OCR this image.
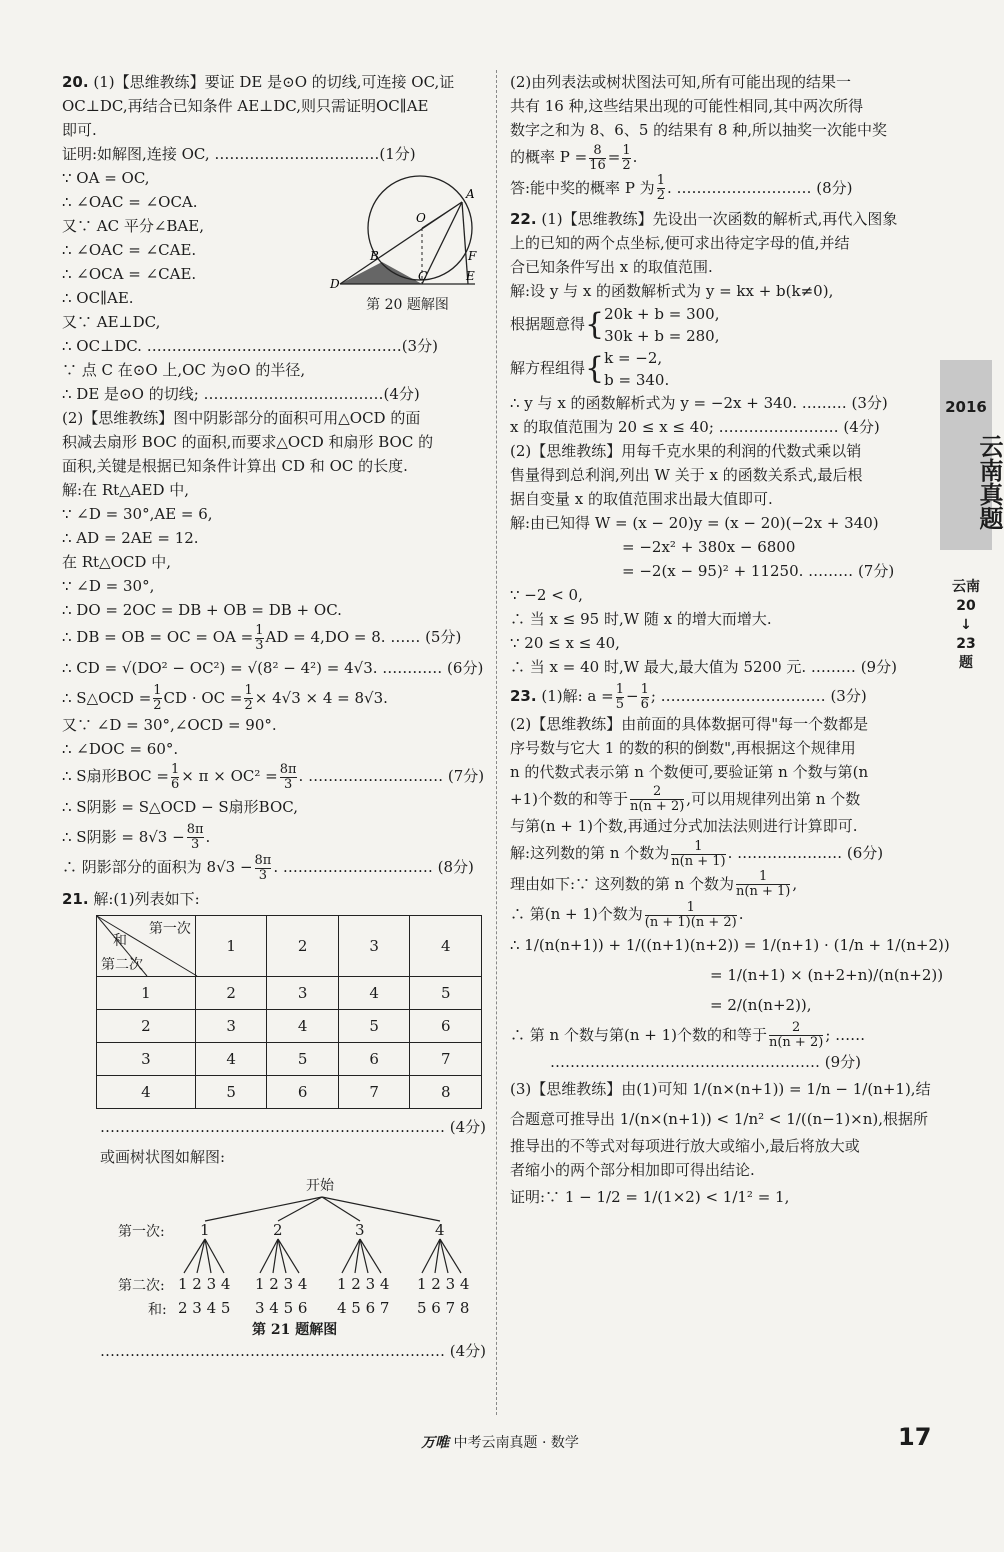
20. (1)【思维教练】要证 DE 是⊙O 的切线,可连接 OC,证
OC⊥DC,再结合已知条件 AE⊥DC,则只需证明OC∥AE
即可.
证明:如解图,连接 OC, ……………………………(1分)
∵ OA = OC,
∴ ∠OAC = ∠OCA.
又∵ AC 平分∠BAE,
∴ ∠OAC = ∠CAE.
∴ ∠OCA = ∠CAE.
∴ OC∥AE.
又∵ AE⊥DC,
∴ OC⊥DC. ……………………………………………(3分)
∵ 点 C 在⊙O 上,OC 为⊙O 的半径,
∴ DE 是⊙O 的切线; ………………………………(4分)
(2)【思维教练】图中阴影部分的面积可用△OCD 的面
积减去扇形 BOC 的面积,而要求△OCD 和扇形 BOC 的
面积,关键是根据已知条件计算出 CD 和 OC 的长度.
解:在 Rt△AED 中,
∵ ∠D = 30°,AE = 6,
∴ AD = 2AE = 12.
在 Rt△OCD 中,
∵ ∠D = 30°,
∴ DO = 2OC = DB + OB = DB + OC.
∴ DB = OB = OC = OA = $\frac{1}{3}$ AD = 4,DO = 8. …… (5分)
∴ CD = √(DO² − OC²) = √(8² − 4²) = 4√3. ………… (6分)
∴ S△OCD = $\frac{1}{2}$ CD · OC = $\frac{1}{2} \times 4√3 \times 4 = 8√3$.
又∵ ∠D = 30°,∠OCD = 90°.
∴ ∠DOC = 60°.
∴ S扇形BOC = $\frac{1}{6} \times \pi \times OC^2 = \frac{8\pi}{3}$ . ……………………… (7分)
∴ S阴影 = S△OCD − S扇形BOC,
∴ S阴影 = $8√3 - \frac{8\pi}{3}$ .
∴ 阴影部分的面积为 $8√3 - \frac{8\pi}{3}$ . ………………………… (8分)
21. 解:(1)列表如下:
第一次
和
第二次	1	2	3	4
1	2	3	4	5
2	3	4	5	6
3	4	5	6	7
4	5	6	7	8
…………………………………………………………… (4分)
或画树状图如解图:
开始
第一次: 1	2	3	4
第二次: 1 2 3 4 1 2 3 4 1 2 3 4 1 2 3 4
和: 2 3 4 5 3 4 5 6 4 5 6 7 5 6 7 8
第 21 题解图
…………………………………………………………… (4分)
D
B
O
A
F
C	E
第 20 题解图
(2)由列表法或树状图法可知,所有可能出现的结果一
共有 16 种,这些结果出现的可能性相同,其中两次所得
数字之和为 8、6、5 的结果有 8 种,所以抽奖一次能中奖
的概率 $P = \frac{8}{16} = \frac{1}{2}$ .
答:能中奖的概率 P 为 $\frac{1}{2}$ . ……………………… (8分)
22. (1)【思维教练】先设出一次函数的解析式,再代入图象
上的已知的两个点坐标,便可求出待定字母的值,并结
合已知条件写出 x 的取值范围.
解:设 y 与 x 的函数解析式为 y = kx + b(k≠0),
根据题意得{ 20k + b = 300,
30k + b = 280,
解方程组得{ k = −2,
b = 340.
∴ y 与 x 的函数解析式为 y = −2x + 340. ……… (3分)
x 的取值范围为 20 ≤ x ≤ 40; …………………… (4分)
(2)【思维教练】用每千克水果的利润的代数式乘以销
售量得到总利润,列出 W 关于 x 的函数关系式,最后根
据自变量 x 的取值范围求出最大值即可.
解:由已知得 W = (x − 20)y = (x − 20)(−2x + 340)
= −2x² + 380x − 6800
= −2(x − 95)² + 11250. ……… (7分)
∵ −2 < 0,
∴ 当 x ≤ 95 时,W 随 x 的增大而增大.
∵ 20 ≤ x ≤ 40,
∴ 当 x = 40 时,W 最大,最大值为 5200 元. ……… (9分)
23. (1)解: $a = \frac{1}{5} - \frac{1}{6}$ ; …………………………… (3分)
(2)【思维教练】由前面的具体数据可得"每一个数都是
序号数与它大 1 的数的积的倒数",再根据这个规律用
n 的代数式表示第 n 个数便可,要验证第 n 个数与第(n
+1)个数的和等于 $\frac{2}{n(n + 2)}$ ,可以用规律列出第 n 个数
与第(n + 1)个数,再通过分式加法法则进行计算即可.
解:这列数的第 n 个数为 $\frac{1}{n(n + 1)}$ . ………………… (6分)
理由如下:∵ 这列数的第 n 个数为 $\frac{1}{n(n + 1)}$ ,
∴ 第(n + 1)个数为 $\frac{1}{(n + 1)(n + 2)}$ .
∴ 1/(n(n+1)) + 1/((n+1)(n+2)) = 1/(n+1) · (1/n + 1/(n+2))
= 1/(n+1) × (n+2+n)/(n(n+2))
= 2/(n(n+2)),
∴ 第 n 个数与第(n + 1)个数的和等于 $\frac{2}{n(n + 2)}$ ; ……
……………………………………………… (9分)
(3)【思维教练】由(1)可知 1/(n×(n+1)) = 1/n − 1/(n+1),结
合题意可推导出 1/(n×(n+1)) < 1/n² < 1/((n−1)×n),根据所
推导出的不等式对每项进行放大或缩小,最后将放大或
者缩小的两个部分相加即可得出结论.
证明:∵ 1 − 1/2 = 1/(1×2) < 1/1² = 1,
2016
云南真题
云南
20
↓
23
题
万唯 中考云南真题 · 数学	17
